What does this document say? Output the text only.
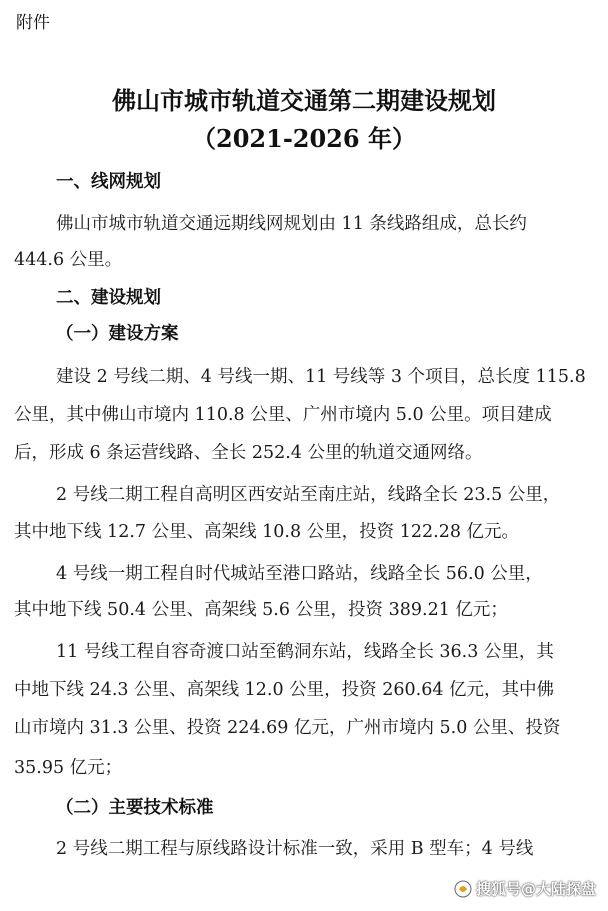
附件
佛山市城市轨道交通第二期建设规划
（2021-2026 年）
一、线网规划
佛山市城市轨道交通远期线网规划由 11 条线路组成，总长约
444.6 公里。
二、建设规划
（一）建设方案
建设 2 号线二期、4 号线一期、11 号线等 3 个项目，总长度 115.8
公里，其中佛山市境内 110.8 公里、广州市境内 5.0 公里。项目建成
后，形成 6 条运营线路、全长 252.4 公里的轨道交通网络。
2 号线二期工程自高明区西安站至南庄站，线路全长 23.5 公里，
其中地下线 12.7 公里、高架线 10.8 公里，投资 122.28 亿元。
4 号线一期工程自时代城站至港口路站，线路全长 56.0 公里，
其中地下线 50.4 公里、高架线 5.6 公里，投资 389.21 亿元；
11 号线工程自容奇渡口站至鹤洞东站，线路全长 36.3 公里，其
中地下线 24.3 公里、高架线 12.0 公里，投资 260.64 亿元，其中佛
山市境内 31.3 公里、投资 224.69 亿元，广州市境内 5.0 公里、投资
35.95 亿元；
（二）主要技术标准
2 号线二期工程与原线路设计标准一致，采用 B 型车；4 号线
搜狐号@大陆探盘
